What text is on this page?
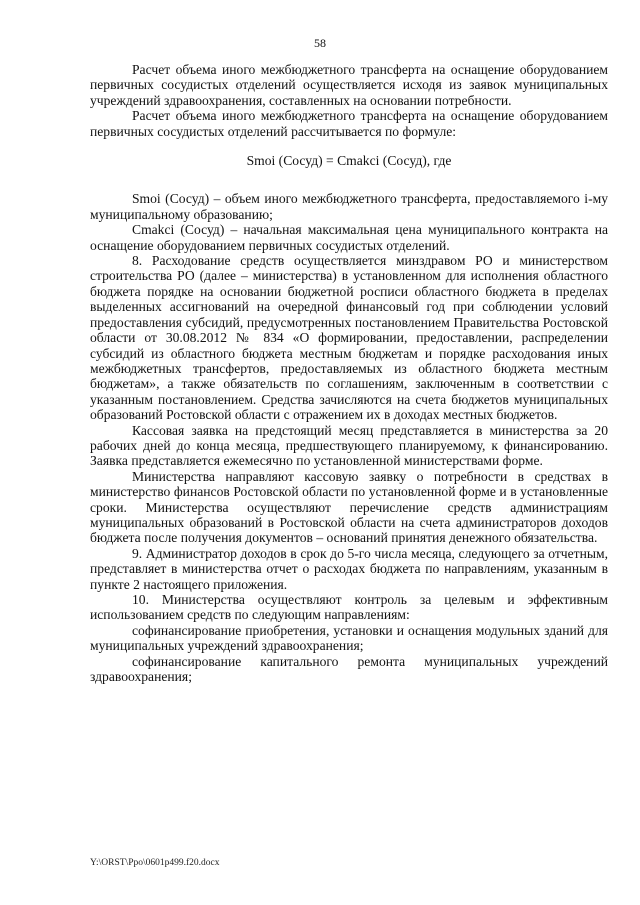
58

Расчет объема иного межбюджетного трансферта на оснащение оборудованием первичных сосудистых отделений осуществляется исходя из заявок муниципальных учреждений здравоохранения, составленных на основании потребности.

Расчет объема иного межбюджетного трансферта на оснащение оборудованием первичных сосудистых отделений рассчитывается по формуле:

Smoi (Сосуд) = Cmakci (Сосуд), где

Smoi (Сосуд) – объем иного межбюджетного трансферта, предоставляемого i-му муниципальному образованию;

Cmakci (Сосуд) – начальная максимальная цена муниципального контракта на оснащение оборудованием первичных сосудистых отделений.

8. Расходование средств осуществляется минздравом РО и министерством строительства РО (далее – министерства) в установленном для исполнения областного бюджета порядке на основании бюджетной росписи областного бюджета в пределах выделенных ассигнований на очередной финансовый год при соблюдении условий предоставления субсидий, предусмотренных постановлением Правительства Ростовской области от 30.08.2012 № 834 «О формировании, предоставлении, распределении субсидий из областного бюджета местным бюджетам и порядке расходования иных межбюджетных трансфертов, предоставляемых из областного бюджета местным бюджетам», а также обязательств по соглашениям, заключенным в соответствии с указанным постановлением. Средства зачисляются на счета бюджетов муниципальных образований Ростовской области с отражением их в доходах местных бюджетов.

Кассовая заявка на предстоящий месяц представляется в министерства за 20 рабочих дней до конца месяца, предшествующего планируемому, к финансированию. Заявка представляется ежемесячно по установленной министерствами форме.

Министерства направляют кассовую заявку о потребности в средствах в министерство финансов Ростовской области по установленной форме и в установленные сроки. Министерства осуществляют перечисление средств администрациям муниципальных образований в Ростовской области на счета администраторов доходов бюджета после получения документов – оснований принятия денежного обязательства.

9. Администратор доходов в срок до 5-го числа месяца, следующего за отчетным, представляет в министерства отчет о расходах бюджета по направлениям, указанным в пункте 2 настоящего приложения.

10. Министерства осуществляют контроль за целевым и эффективным использованием средств по следующим направлениям:

софинансирование приобретения, установки и оснащения модульных зданий для муниципальных учреждений здравоохранения;

софинансирование капитального ремонта муниципальных учреждений здравоохранения;

Y:\ORST\Ppo\0601p499.f20.docx
